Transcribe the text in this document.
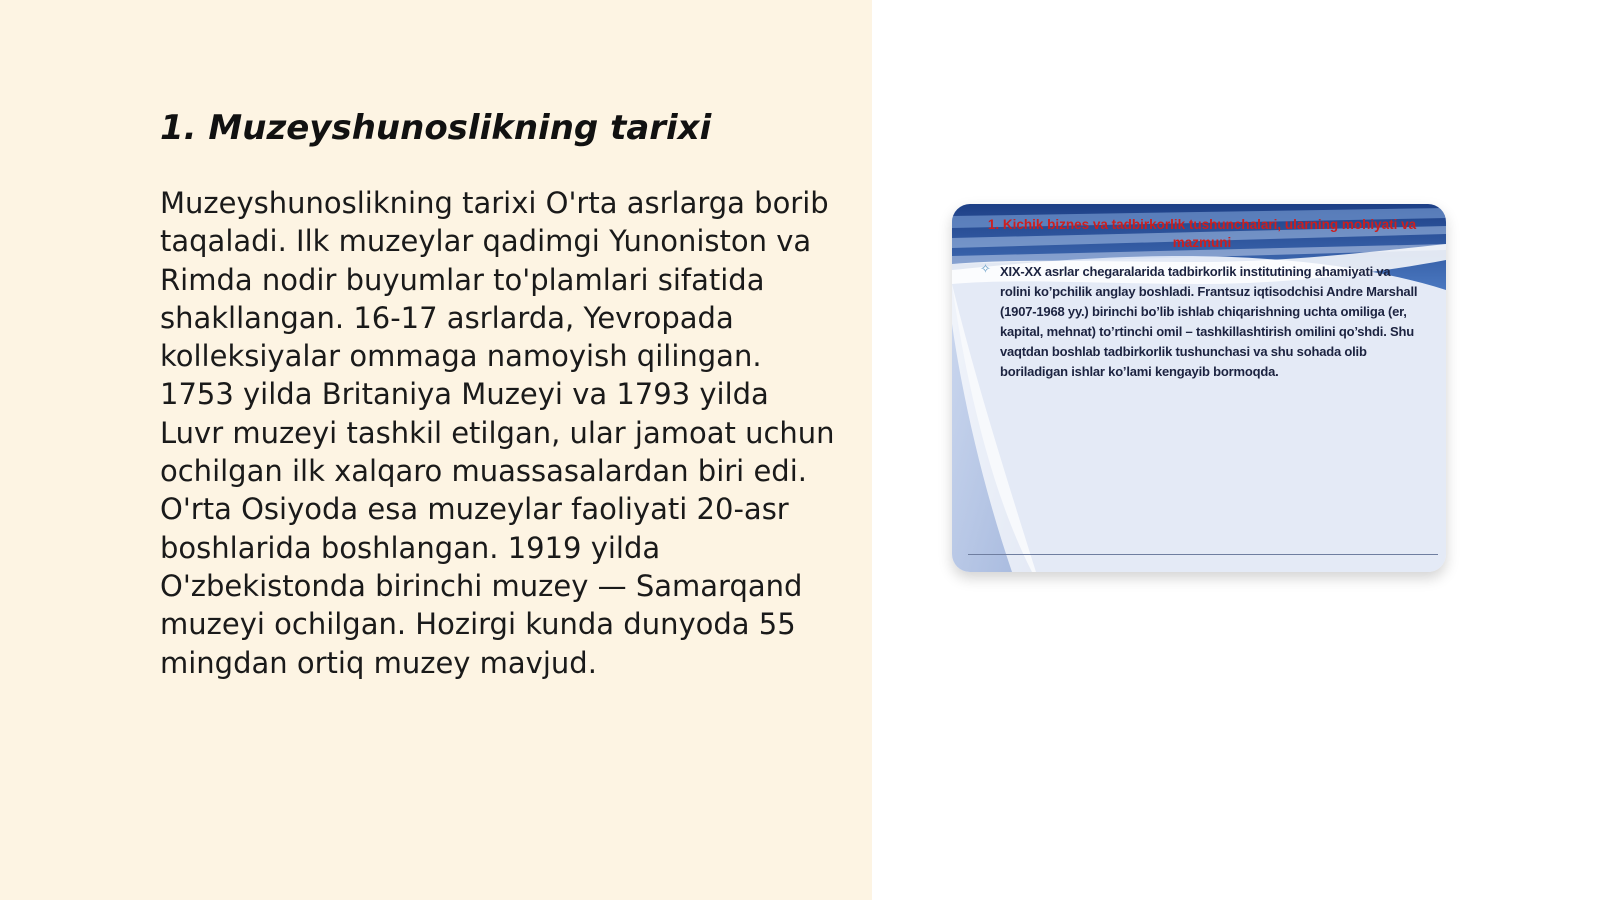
1. Muzeyshunoslikning tarixi

Muzeyshunoslikning tarixi O'rta asrlarga borib taqaladi. Ilk muzeylar qadimgi Yunoniston va Rimda nodir buyumlar to'plamlari sifatida shakllangan. 16-17 asrlarda, Yevropada kolleksiyalar ommaga namoyish qilingan. 1753 yilda Britaniya Muzeyi va 1793 yilda Luvr muzeyi tashkil etilgan, ular jamoat uchun ochilgan ilk xalqaro muassasalardan biri edi. O'rta Osiyoda esa muzeylar faoliyati 20-asr boshlarida boshlangan. 1919 yilda O'zbekistonda birinchi muzey — Samarqand muzeyi ochilgan. Hozirgi kunda dunyoda 55 mingdan ortiq muzey mavjud.

1. Kichik biznes va tadbirkorlik tushunchalari, ularning mohiyati va mazmuni

✧ XIX-XX asrlar chegaralarida tadbirkorlik institutining ahamiyati va rolini ko’pchilik anglay boshladi. Frantsuz iqtisodchisi Andre Marshall (1907-1968 yy.) birinchi bo’lib ishlab chiqarishning uchta omiliga (er, kapital, mehnat) to’rtinchi omil – tashkillashtirish omilini qo’shdi. Shu vaqtdan boshlab tadbirkorlik tushunchasi va shu sohada olib boriladigan ishlar ko’lami kengayib bormoqda.
